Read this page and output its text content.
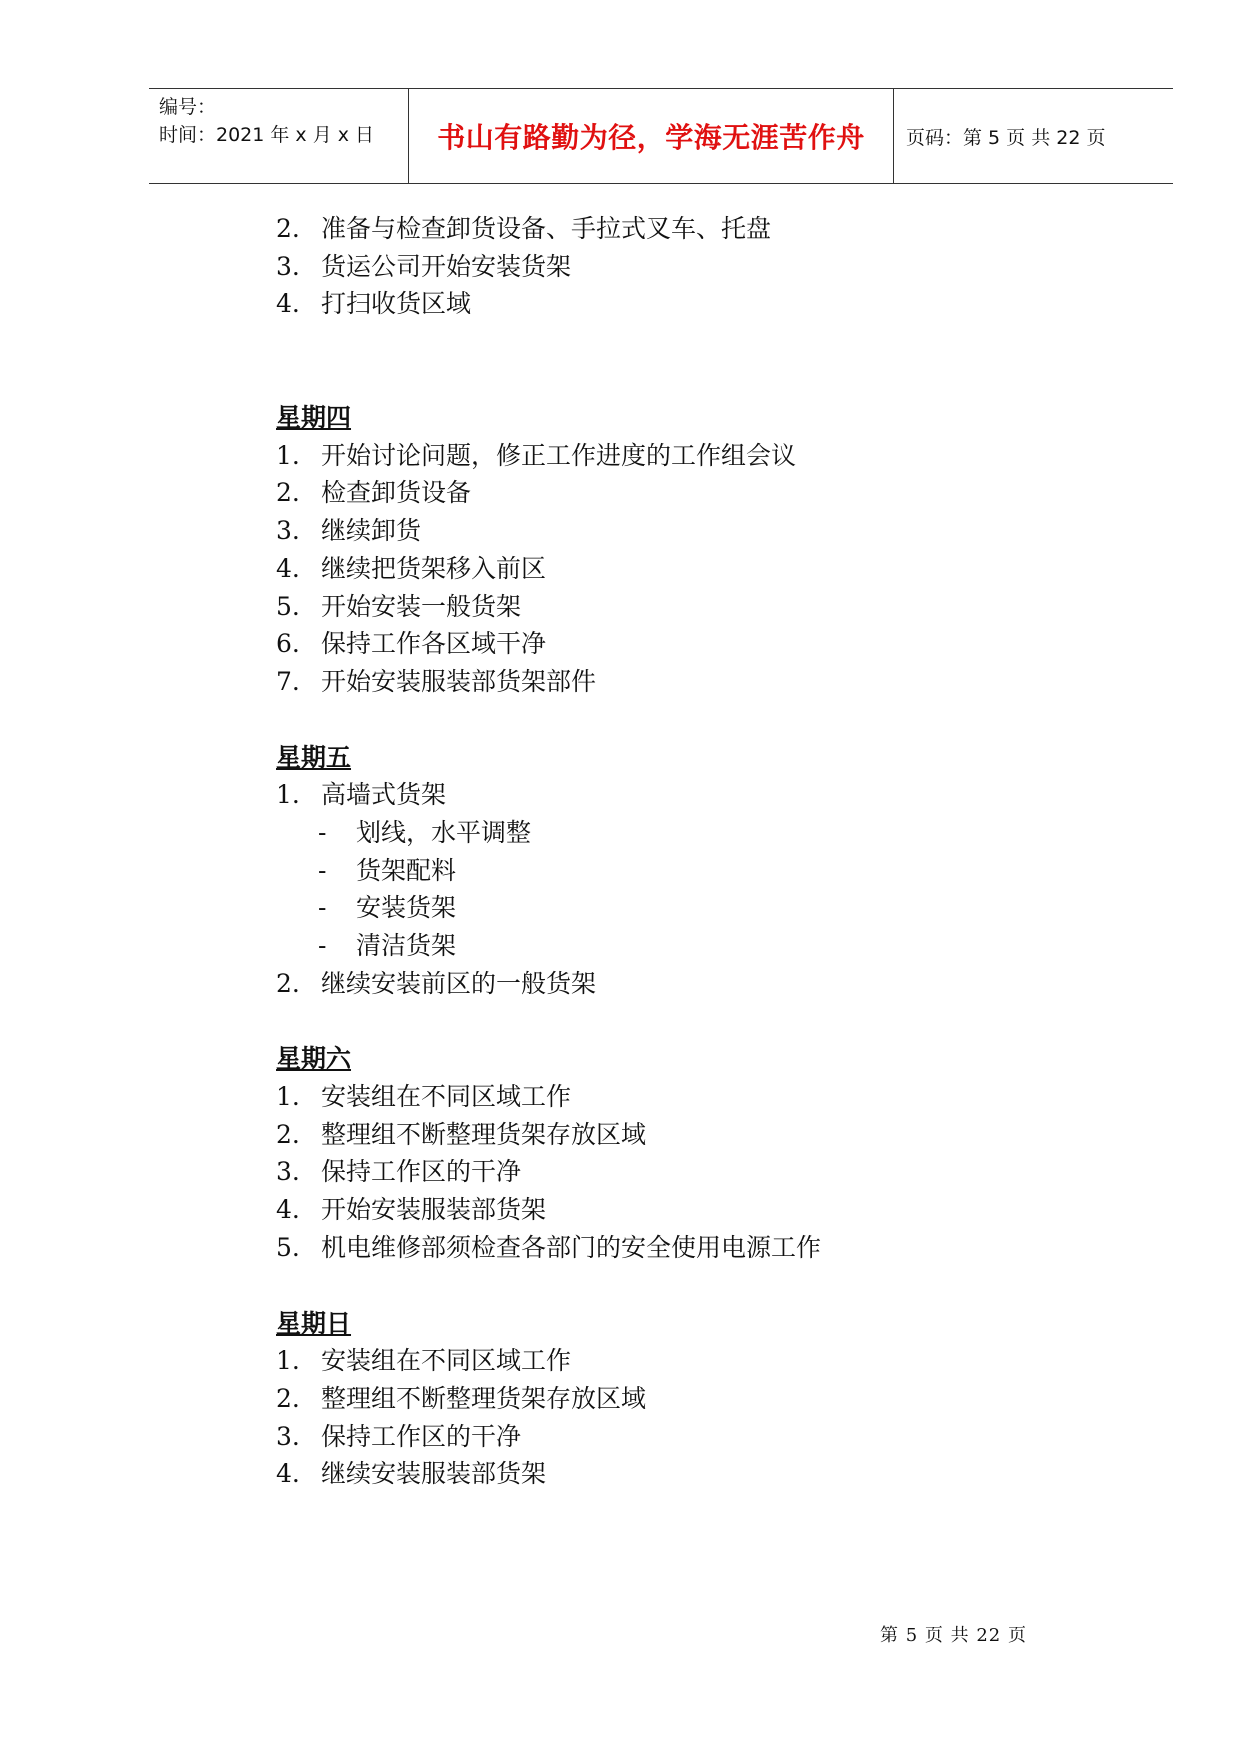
编号：
时间：2021 年 x 月 x 日	书山有路勤为径，学海无涯苦作舟	页码：第 5 页 共 22 页
2. 准备与检查卸货设备、手拉式叉车、托盘
3. 货运公司开始安装货架
4. 打扫收货区域
星期四
1. 开始讨论问题，修正工作进度的工作组会议
2. 检查卸货设备
3. 继续卸货
4. 继续把货架移入前区
5. 开始安装一般货架
6. 保持工作各区域干净
7. 开始安装服装部货架部件
星期五
1. 高墙式货架
-	划线，水平调整
-	货架配料
-	安装货架
-	清洁货架
2. 继续安装前区的一般货架
星期六
1. 安装组在不同区域工作
2. 整理组不断整理货架存放区域
3. 保持工作区的干净
4. 开始安装服装部货架
5. 机电维修部须检查各部门的安全使用电源工作
星期日
1. 安装组在不同区域工作
2. 整理组不断整理货架存放区域
3. 保持工作区的干净
4. 继续安装服装部货架
第 5 页 共 22 页
